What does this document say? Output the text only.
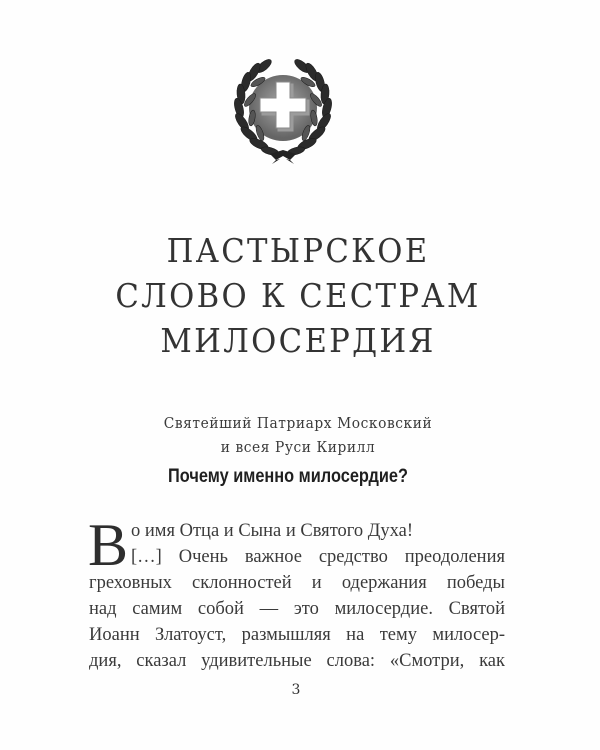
ПАСТЫРСКОЕ
СЛОВО К СЕСТРАМ
МИЛОСЕРДИЯ
Святейший Патриарх Московский
и всея Руси Кирилл
Почему именно милосердие?
В о имя Отца и Сына и Святого Духа!
[…] Очень важное средство преодоления
греховных склонностей и одержания победы
над самим собой — это милосердие. Святой
Иоанн Златоуст, размышляя на тему милосер-
дия, сказал удивительные слова: «Смотри, как
3
